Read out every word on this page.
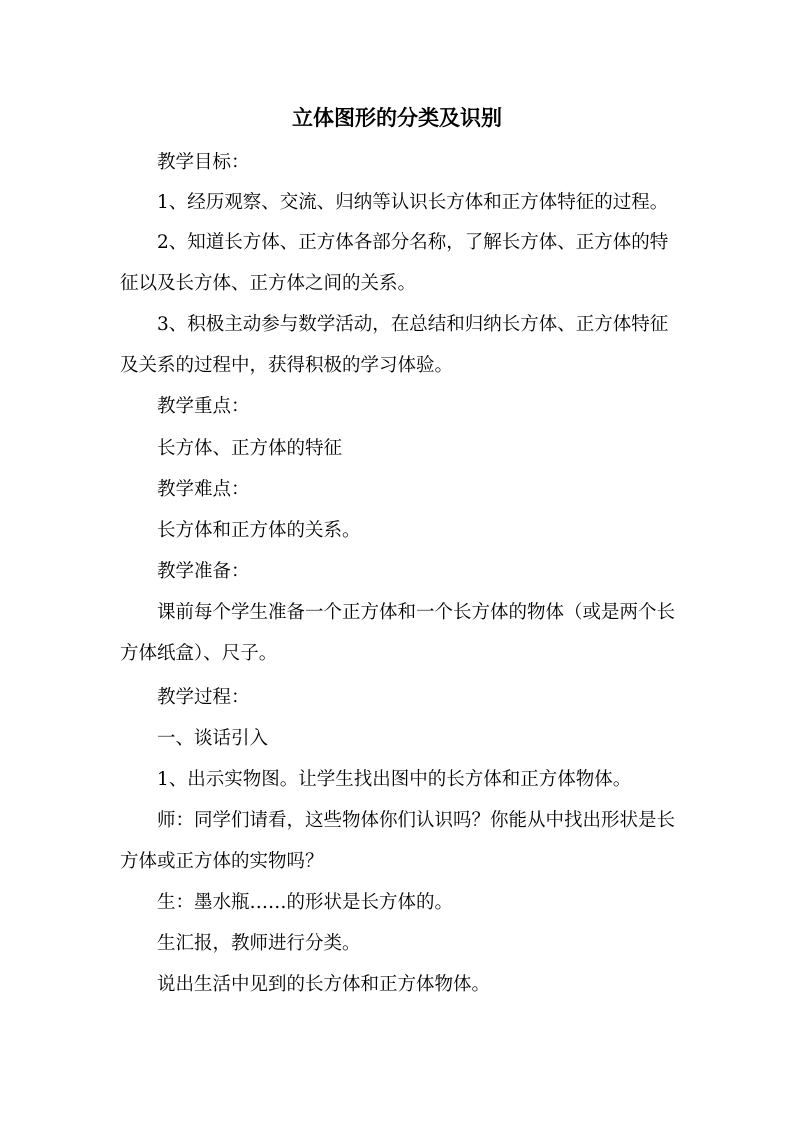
立体图形的分类及识别

教学目标：

1、经历观察、交流、归纳等认识长方体和正方体特征的过程。

2、知道长方体、正方体各部分名称，了解长方体、正方体的特征以及长方体、正方体之间的关系。

3、积极主动参与数学活动，在总结和归纳长方体、正方体特征及关系的过程中，获得积极的学习体验。

教学重点：

长方体、正方体的特征

教学难点：

长方体和正方体的关系。

教学准备：

课前每个学生准备一个正方体和一个长方体的物体（或是两个长方体纸盒）、尺子。

教学过程：

一、谈话引入

1、出示实物图。让学生找出图中的长方体和正方体物体。

师：同学们请看，这些物体你们认识吗？你能从中找出形状是长方体或正方体的实物吗？

生：墨水瓶……的形状是长方体的。

生汇报，教师进行分类。

说出生活中见到的长方体和正方体物体。
